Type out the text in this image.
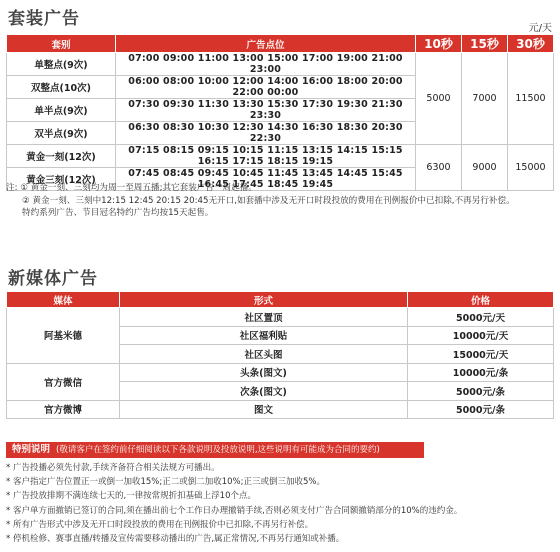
套装广告	元/天
套别	广告点位	10秒	15秒	30秒
单整点(9次)	07:00 09:00 11:00 13:00 15:00 17:00 19:00 21:00 23:00	5000	7000	11500
双整点(10次)	06:00 08:00 10:00 12:00 14:00 16:00 18:00 20:00 22:00 00:00			
单半点(9次)	07:30 09:30 11:30 13:30 15:30 17:30 19:30 21:30 23:30			
双半点(9次)	06:30 08:30 10:30 12:30 14:30 16:30 18:30 20:30 22:30			
黄金一刻(12次)	07:15 08:15 09:15 10:15 11:15 13:15 14:15 15:15 16:15 17:15 18:15 19:15	6300	9000	15000
黄金三刻(12次)	07:45 08:45 09:45 10:45 11:45 13:45 14:45 15:45 16:45 17:45 18:45 19:45			
注: ① 黄金一刻、三刻均为周一至周五播;其它套装广告一周起播。
② 黄金一刻、三刻中12:15 12:45 20:15 20:45无开口,如套播中涉及无开口时段投放的费用在刊例报价中已扣除,不再另行补偿。
特约系列广告、节目冠名特约广告均按15天起售。
新媒体广告
媒体	形式	价格
阿基米德	社区置顶	5000元/天
	社区福利贴	10000元/天
	社区头图	15000元/天
官方微信	头条(图文)	10000元/条
	次条(图文)	5000元/条
官方微博	图文	5000元/条
特别说明 (敬请客户在签约前仔细阅读以下各款说明及投放说明,这些说明有可能成为合同的要约)
* 广告投播必须先付款,手续齐备符合相关法规方可播出。
* 客户指定广告位置正一或倒一加收15%;正二或倒二加收10%;正三或倒三加收5%。
* 广告投放排期不满连续七天的,一律按常规折扣基础上浮10个点。
* 客户单方面撤销已签订的合同,须在播出前七个工作日办理撤销手续,否则必须支付广告合同额撤销部分的10%的违约金。
* 所有广告形式中涉及无开口时段投放的费用在刊例报价中已扣除,不再另行补偿。
* 停机检修、赛事直播/转播及宣传需要移动播出的广告,属正常情况,不再另行通知或补播。
